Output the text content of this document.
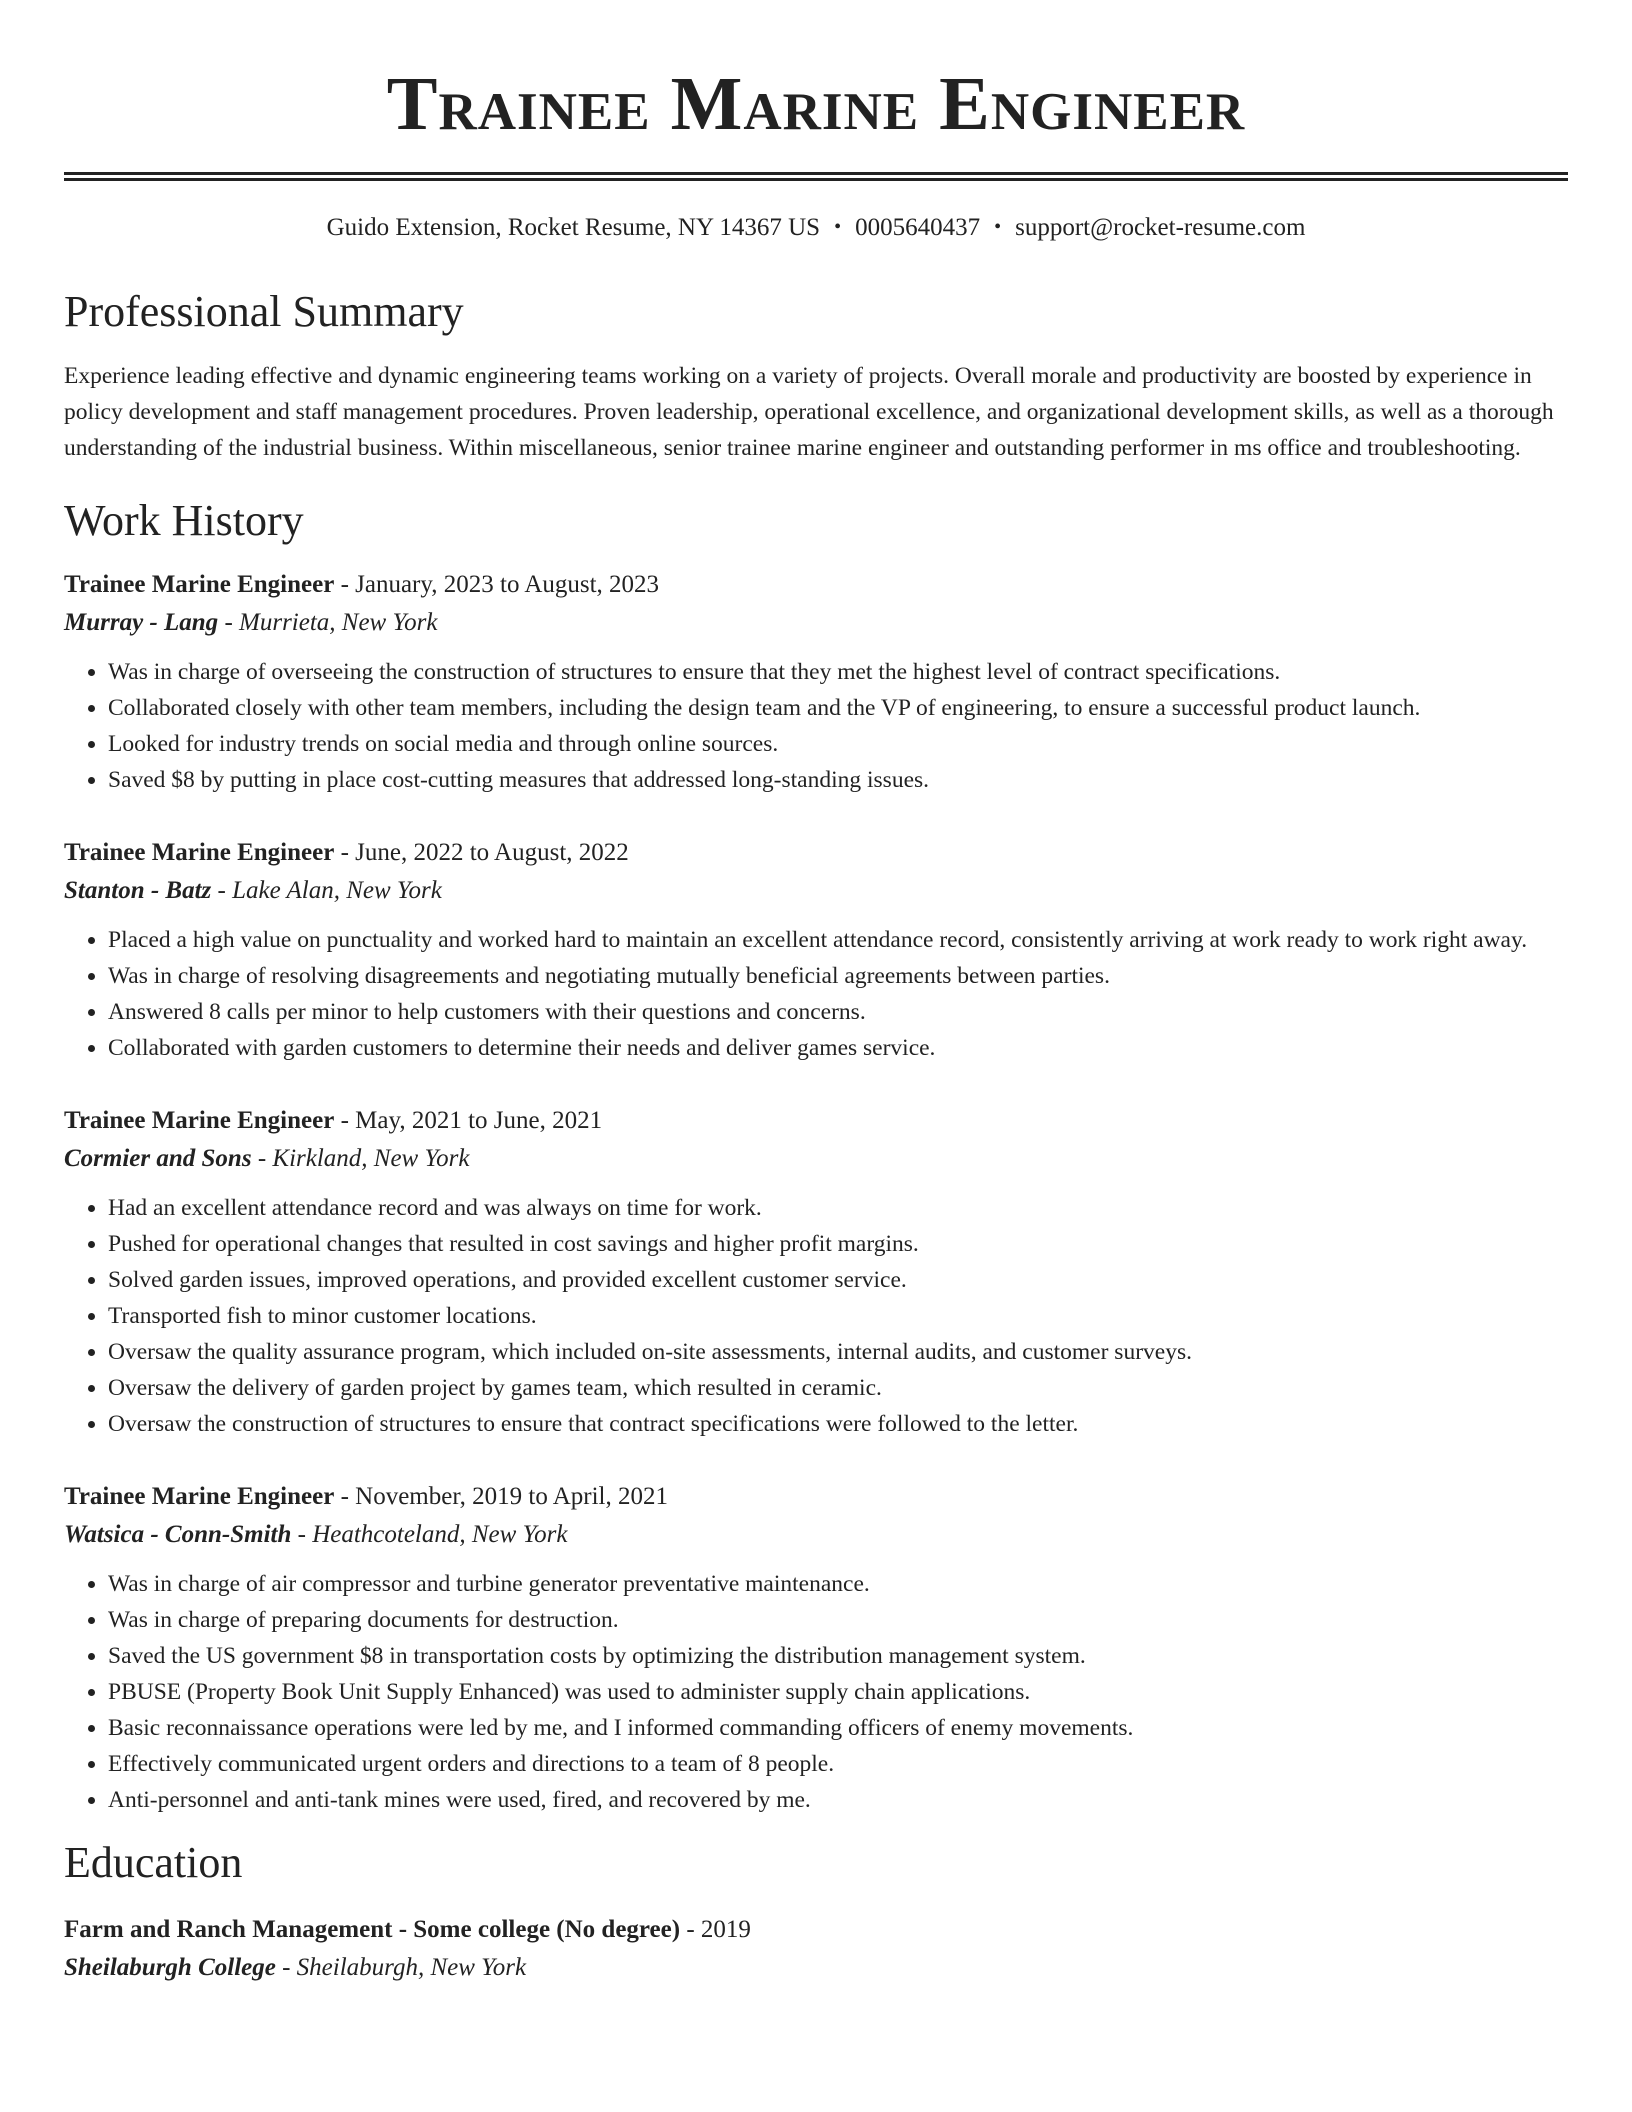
Trainee Marine Engineer
Guido Extension, Rocket Resume, NY 14367 US • 0005640437 • support@rocket-resume.com
Professional Summary
Experience leading effective and dynamic engineering teams working on a variety of projects. Overall morale and productivity are boosted by experience in policy development and staff management procedures. Proven leadership, operational excellence, and organizational development skills, as well as a thorough understanding of the industrial business. Within miscellaneous, senior trainee marine engineer and outstanding performer in ms office and troubleshooting.
Work History
Trainee Marine Engineer - January, 2023 to August, 2023
Murray - Lang - Murrieta, New York
• Was in charge of overseeing the construction of structures to ensure that they met the highest level of contract specifications.
• Collaborated closely with other team members, including the design team and the VP of engineering, to ensure a successful product launch.
• Looked for industry trends on social media and through online sources.
• Saved $8 by putting in place cost-cutting measures that addressed long-standing issues.
Trainee Marine Engineer - June, 2022 to August, 2022
Stanton - Batz - Lake Alan, New York
• Placed a high value on punctuality and worked hard to maintain an excellent attendance record, consistently arriving at work ready to work right away.
• Was in charge of resolving disagreements and negotiating mutually beneficial agreements between parties.
• Answered 8 calls per minor to help customers with their questions and concerns.
• Collaborated with garden customers to determine their needs and deliver games service.
Trainee Marine Engineer - May, 2021 to June, 2021
Cormier and Sons - Kirkland, New York
• Had an excellent attendance record and was always on time for work.
• Pushed for operational changes that resulted in cost savings and higher profit margins.
• Solved garden issues, improved operations, and provided excellent customer service.
• Transported fish to minor customer locations.
• Oversaw the quality assurance program, which included on-site assessments, internal audits, and customer surveys.
• Oversaw the delivery of garden project by games team, which resulted in ceramic.
• Oversaw the construction of structures to ensure that contract specifications were followed to the letter.
Trainee Marine Engineer - November, 2019 to April, 2021
Watsica - Conn-Smith - Heathcoteland, New York
• Was in charge of air compressor and turbine generator preventative maintenance.
• Was in charge of preparing documents for destruction.
• Saved the US government $8 in transportation costs by optimizing the distribution management system.
• PBUSE (Property Book Unit Supply Enhanced) was used to administer supply chain applications.
• Basic reconnaissance operations were led by me, and I informed commanding officers of enemy movements.
• Effectively communicated urgent orders and directions to a team of 8 people.
• Anti-personnel and anti-tank mines were used, fired, and recovered by me.
Education
Farm and Ranch Management - Some college (No degree) - 2019
Sheilaburgh College - Sheilaburgh, New York
